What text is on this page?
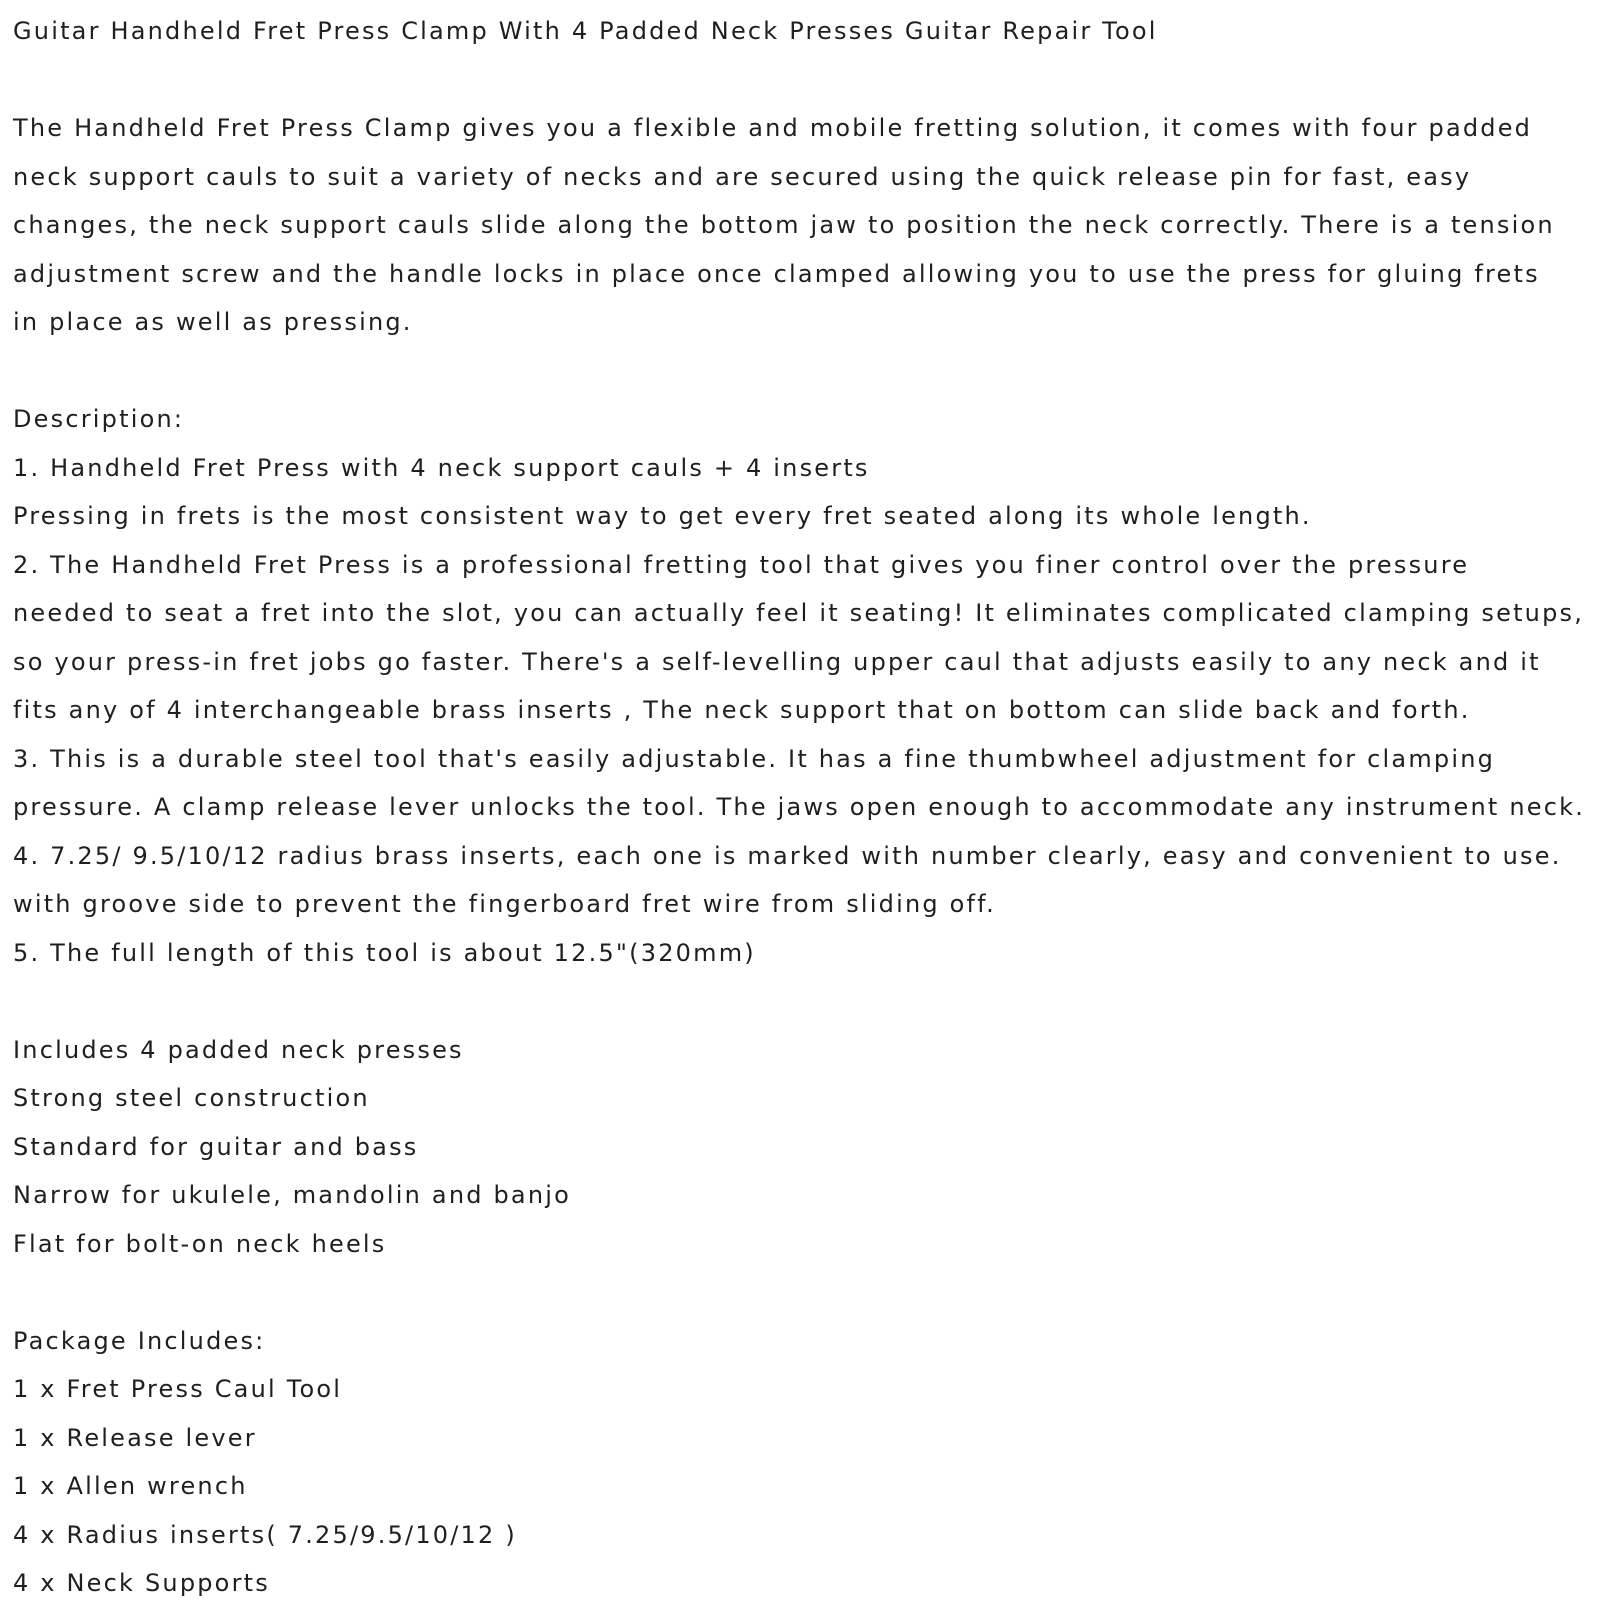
Guitar Handheld Fret Press Clamp With 4 Padded Neck Presses Guitar Repair Tool
The Handheld Fret Press Clamp gives you a flexible and mobile fretting solution, it comes with four padded
neck support cauls to suit a variety of necks and are secured using the quick release pin for fast, easy
changes, the neck support cauls slide along the bottom jaw to position the neck correctly. There is a tension
adjustment screw and the handle locks in place once clamped allowing you to use the press for gluing frets
in place as well as pressing.
Description:
1. Handheld Fret Press with 4 neck support cauls + 4 inserts
Pressing in frets is the most consistent way to get every fret seated along its whole length.
2. The Handheld Fret Press is a professional fretting tool that gives you finer control over the pressure
needed to seat a fret into the slot, you can actually feel it seating! It eliminates complicated clamping setups,
so your press-in fret jobs go faster. There's a self-levelling upper caul that adjusts easily to any neck and it
fits any of 4 interchangeable brass inserts , The neck support that on bottom can slide back and forth.
3. This is a durable steel tool that's easily adjustable. It has a fine thumbwheel adjustment for clamping
pressure. A clamp release lever unlocks the tool. The jaws open enough to accommodate any instrument neck.
4. 7.25/ 9.5/10/12 radius brass inserts, each one is marked with number clearly, easy and convenient to use.
with groove side to prevent the fingerboard fret wire from sliding off.
5. The full length of this tool is about 12.5"(320mm)
Includes 4 padded neck presses
Strong steel construction
Standard for guitar and bass
Narrow for ukulele, mandolin and banjo
Flat for bolt-on neck heels
Package Includes:
1 x Fret Press Caul Tool
1 x Release lever
1 x Allen wrench
4 x Radius inserts( 7.25/9.5/10/12 )
4 x Neck Supports
